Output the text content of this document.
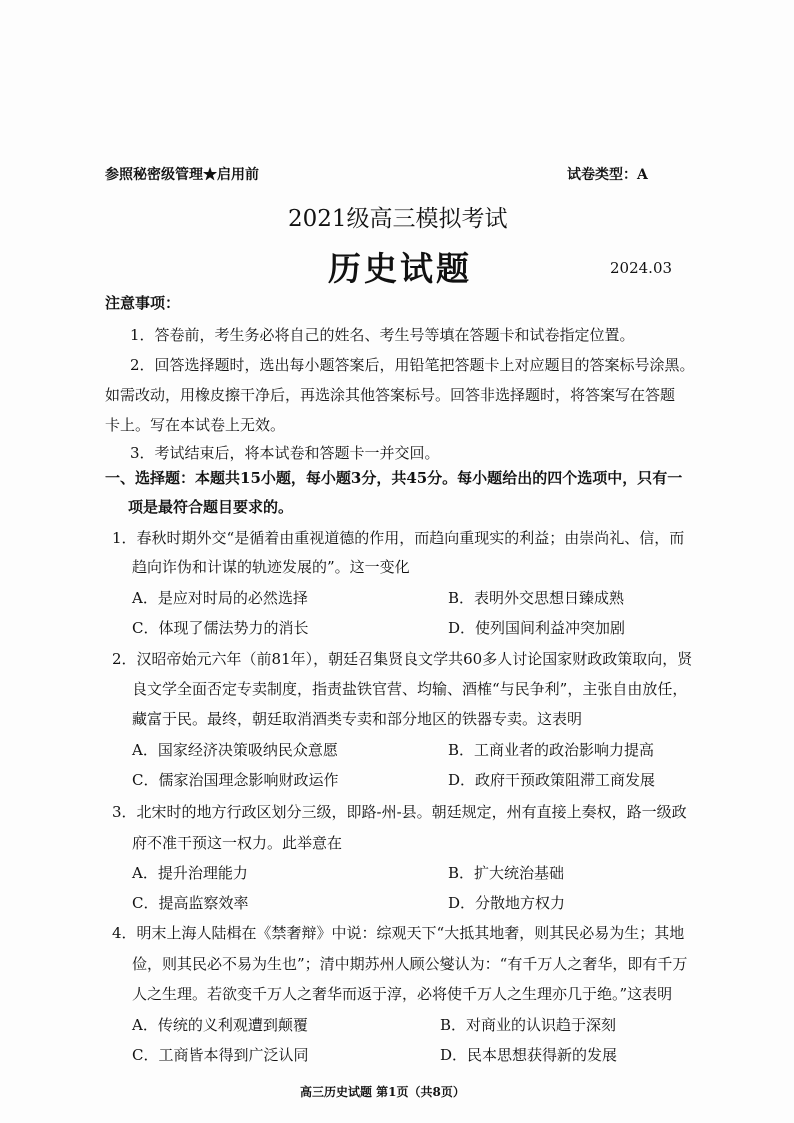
参照秘密级管理★启用前	试卷类型：A
2021级高三模拟考试
历史试题	2024.03
注意事项：
1．答卷前，考生务必将自己的姓名、考生号等填在答题卡和试卷指定位置。
2．回答选择题时，选出每小题答案后，用铅笔把答题卡上对应题目的答案标号涂黑。
如需改动，用橡皮擦干净后，再选涂其他答案标号。回答非选择题时，将答案写在答题
卡上。写在本试卷上无效。
3．考试结束后，将本试卷和答题卡一并交回。
一、选择题：本题共15小题，每小题3分，共45分。每小题给出的四个选项中，只有一
项是最符合题目要求的。
1．春秋时期外交“是循着由重视道德的作用，而趋向重现实的利益；由崇尚礼、信，而
趋向诈伪和计谋的轨迹发展的”。这一变化
A．是应对时局的必然选择	B．表明外交思想日臻成熟
C．体现了儒法势力的消长	D．使列国间利益冲突加剧
2．汉昭帝始元六年（前81年），朝廷召集贤良文学共60多人讨论国家财政政策取向，贤
良文学全面否定专卖制度，指责盐铁官营、均输、酒榷“与民争利”，主张自由放任，
藏富于民。最终，朝廷取消酒类专卖和部分地区的铁器专卖。这表明
A．国家经济决策吸纳民众意愿	B．工商业者的政治影响力提高
C．儒家治国理念影响财政运作	D．政府干预政策阻滞工商发展
3．北宋时的地方行政区划分三级，即路-州-县。朝廷规定，州有直接上奏权，路一级政
府不准干预这一权力。此举意在
A．提升治理能力	B．扩大统治基础
C．提高监察效率	D．分散地方权力
4．明末上海人陆楫在《禁奢辩》中说：综观天下“大抵其地奢，则其民必易为生；其地
俭，则其民必不易为生也”；清中期苏州人顾公燮认为：“有千万人之奢华，即有千万
人之生理。若欲变千万人之奢华而返于淳，必将使千万人之生理亦几于绝。”这表明
A．传统的义利观遭到颠覆	B．对商业的认识趋于深刻
C．工商皆本得到广泛认同	D．民本思想获得新的发展
高三历史试题 第1页（共8页）
